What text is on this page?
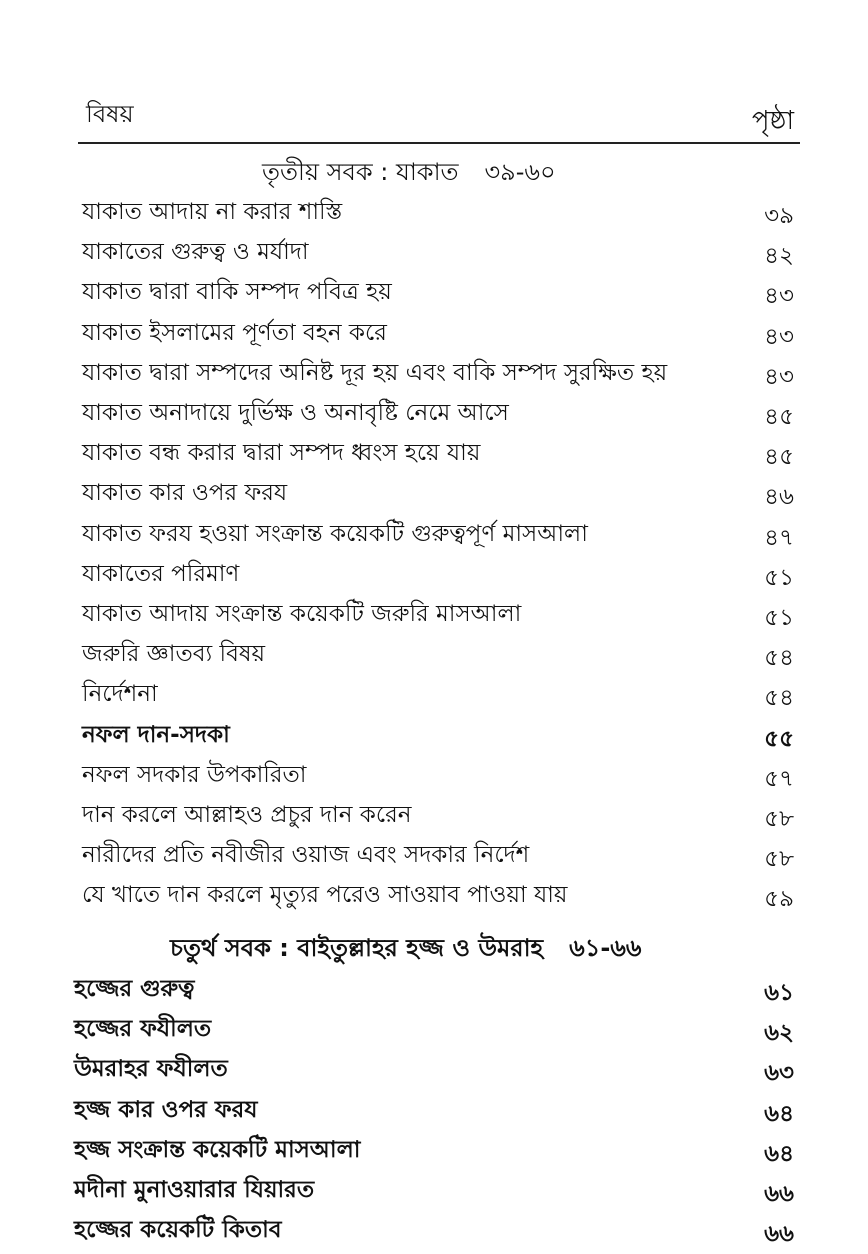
বিষয়	পৃষ্ঠা
তৃতীয় সবক : যাকাত ৩৯-৬০
যাকাত আদায় না করার শাস্তি	৩৯
যাকাতের গুরুত্ব ও মর্যাদা	৪২
যাকাত দ্বারা বাকি সম্পদ পবিত্র হয়	৪৩
যাকাত ইসলামের পূর্ণতা বহন করে	৪৩
যাকাত দ্বারা সম্পদের অনিষ্ট দূর হয় এবং বাকি সম্পদ সুরক্ষিত হয়	৪৩
যাকাত অনাদায়ে দুর্ভিক্ষ ও অনাবৃষ্টি নেমে আসে	৪৫
যাকাত বন্ধ করার দ্বারা সম্পদ ধ্বংস হয়ে যায়	৪৫
যাকাত কার ওপর ফরয	৪৬
যাকাত ফরয হওয়া সংক্রান্ত কয়েকটি গুরুত্বপূর্ণ মাসআলা	৪৭
যাকাতের পরিমাণ	৫১
যাকাত আদায় সংক্রান্ত কয়েকটি জরুরি মাসআলা	৫১
জরুরি জ্ঞাতব্য বিষয়	৫৪
নির্দেশনা	৫৪
নফল দান-সদকা	৫৫
নফল সদকার উপকারিতা	৫৭
দান করলে আল্লাহও প্রচুর দান করেন	৫৮
নারীদের প্রতি নবীজীর ওয়াজ এবং সদকার নির্দেশ	৫৮
যে খাতে দান করলে মৃত্যুর পরেও সাওয়াব পাওয়া যায়	৫৯
চতুর্থ সবক : বাইতুল্লাহর হজ্জ ও উমরাহ ৬১-৬৬
হজ্জের গুরুত্ব	৬১
হজ্জের ফযীলত	৬২
উমরাহর ফযীলত	৬৩
হজ্জ কার ওপর ফরয	৬৪
হজ্জ সংক্রান্ত কয়েকটি মাসআলা	৬৪
মদীনা মুনাওয়ারার যিয়ারত	৬৬
হজ্জের কয়েকটি কিতাব	৬৬
